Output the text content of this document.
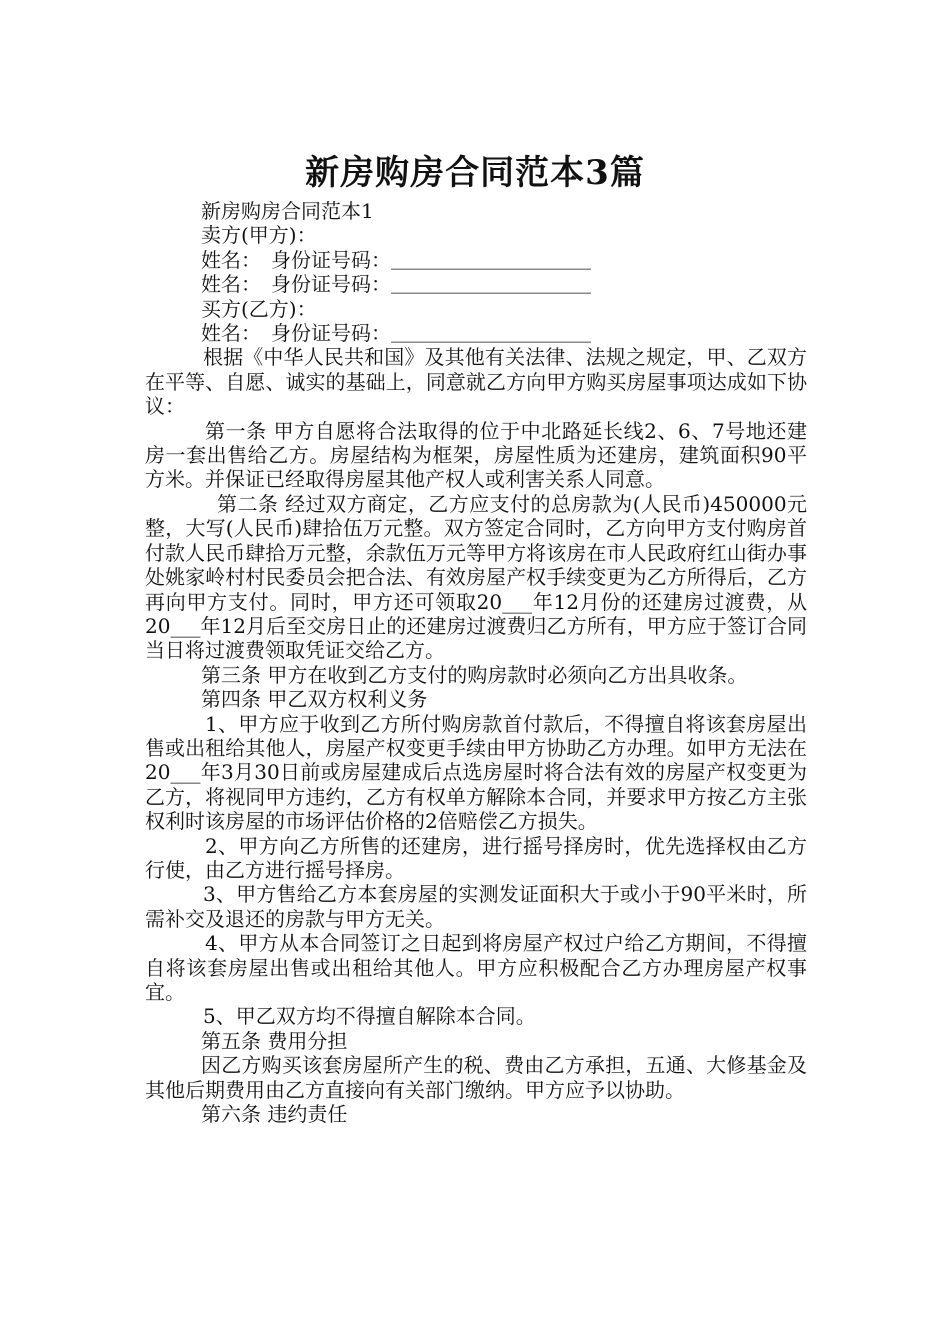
新房购房合同范本3篇

新房购房合同范本1

卖方(甲方)：

姓名：　身份证号码：＿＿＿＿＿＿＿＿＿＿

姓名：　身份证号码：＿＿＿＿＿＿＿＿＿＿

买方(乙方)：

姓名：　身份证号码：＿＿＿＿＿＿＿＿＿＿

根据《中华人民共和国》及其他有关法律、法规之规定，甲、乙双方在平等、自愿、诚实的基础上，同意就乙方向甲方购买房屋事项达成如下协议：

第一条 甲方自愿将合法取得的位于中北路延长线2、6、7号地还建房一套出售给乙方。房屋结构为框架，房屋性质为还建房，建筑面积90平方米。并保证已经取得房屋其他产权人或利害关系人同意。

第二条 经过双方商定，乙方应支付的总房款为(人民币)450000元整，大写(人民币)肆拾伍万元整。双方签定合同时，乙方向甲方支付购房首付款人民币肆拾万元整，余款伍万元等甲方将该房在市人民政府红山街办事处姚家岭村村民委员会把合法、有效房屋产权手续变更为乙方所得后，乙方再向甲方支付。同时，甲方还可领取20___年12月份的还建房过渡费，从20___年12月后至交房日止的还建房过渡费归乙方所有，甲方应于签订合同当日将过渡费领取凭证交给乙方。

第三条 甲方在收到乙方支付的购房款时必须向乙方出具收条。

第四条 甲乙双方权利义务

1、甲方应于收到乙方所付购房款首付款后，不得擅自将该套房屋出售或出租给其他人，房屋产权变更手续由甲方协助乙方办理。如甲方无法在20___年3月30日前或房屋建成后点选房屋时将合法有效的房屋产权变更为乙方，将视同甲方违约，乙方有权单方解除本合同，并要求甲方按乙方主张权利时该房屋的市场评估价格的2倍赔偿乙方损失。

2、甲方向乙方所售的还建房，进行摇号择房时，优先选择权由乙方行使，由乙方进行摇号择房。

3、甲方售给乙方本套房屋的实测发证面积大于或小于90平米时，所需补交及退还的房款与甲方无关。

4、甲方从本合同签订之日起到将房屋产权过户给乙方期间，不得擅自将该套房屋出售或出租给其他人。甲方应积极配合乙方办理房屋产权事宜。

5、甲乙双方均不得擅自解除本合同。

第五条 费用分担

因乙方购买该套房屋所产生的税、费由乙方承担，五通、大修基金及其他后期费用由乙方直接向有关部门缴纳。甲方应予以协助。

第六条 违约责任
